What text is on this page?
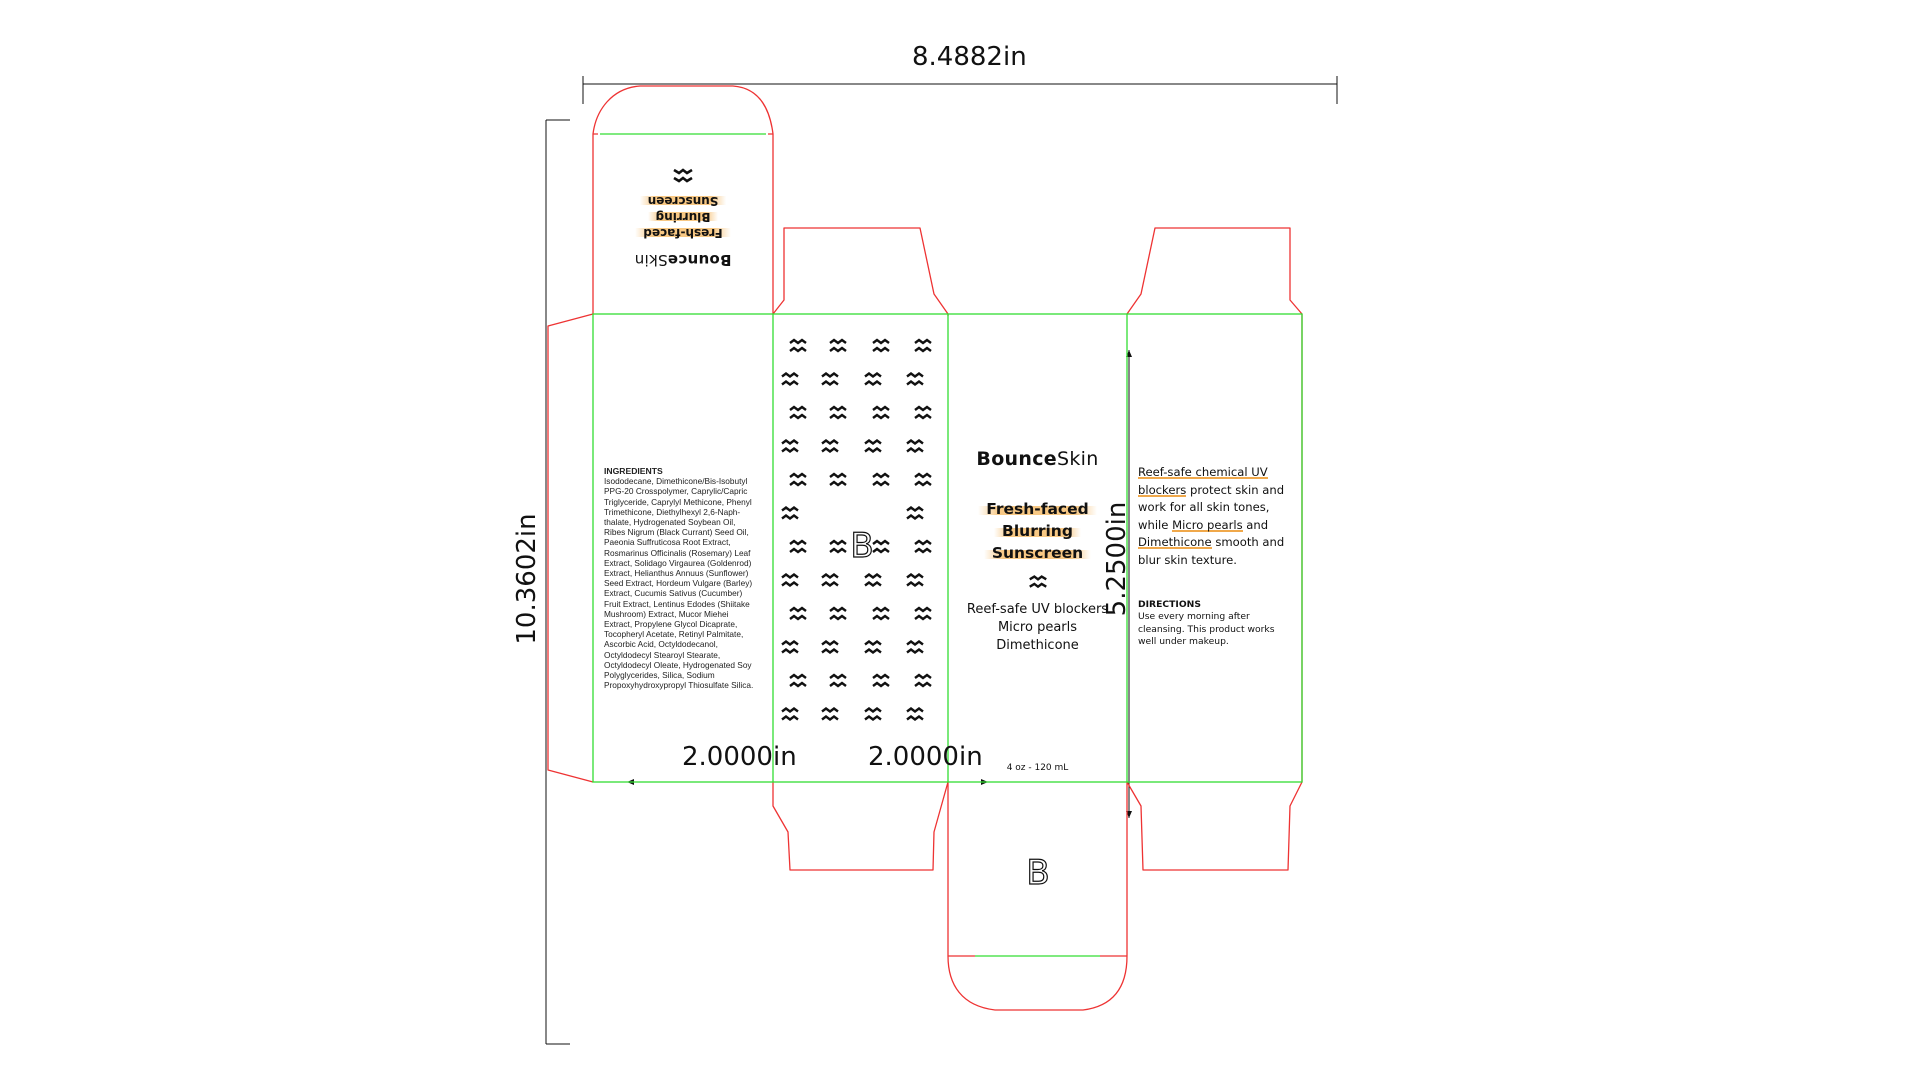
8.4882in
10.3602in
2.0000in	2.0000in
5.2500in
BounceSkin
Fresh-faced
Blurring
Sunscreen
INGREDIENTS
Isododecane, Dimethicone/Bis-Isobutyl
PPG-20 Crosspolymer, Caprylic/Capric
Triglyceride, Caprylyl Methicone, Phenyl
Trimethicone, Diethylhexyl 2,6-Naph-
thalate, Hydrogenated Soybean Oil,
Ribes Nigrum (Black Currant) Seed Oil,
Paeonia Suffruticosa Root Extract,
Rosmarinus Officinalis (Rosemary) Leaf
Extract, Solidago Virgaurea (Goldenrod)
Extract, Helianthus Annuus (Sunflower)
Seed Extract, Hordeum Vulgare (Barley)
Extract, Cucumis Sativus (Cucumber)
Fruit Extract, Lentinus Edodes (Shiitake
Mushroom) Extract, Mucor Miehei
Extract, Propylene Glycol Dicaprate,
Tocopheryl Acetate, Retinyl Palmitate,
Ascorbic Acid, Octyldodecanol,
Octyldodecyl Stearoyl Stearate,
Octyldodecyl Oleate, Hydrogenated Soy
Polyglycerides, Silica, Sodium
Propoxyhydroxypropyl Thiosulfate Silica.
B
BounceSkin
Fresh-faced
Blurring
Sunscreen
Reef-safe UV blockers
Micro pearls
Dimethicone
4 oz - 120 mL
B
Reef-safe chemical UV
blockers protect skin and
work for all skin tones,
while Micro pearls and
Dimethicone smooth and
blur skin texture.
DIRECTIONS
Use every morning after
cleansing. This product works
well under makeup.
